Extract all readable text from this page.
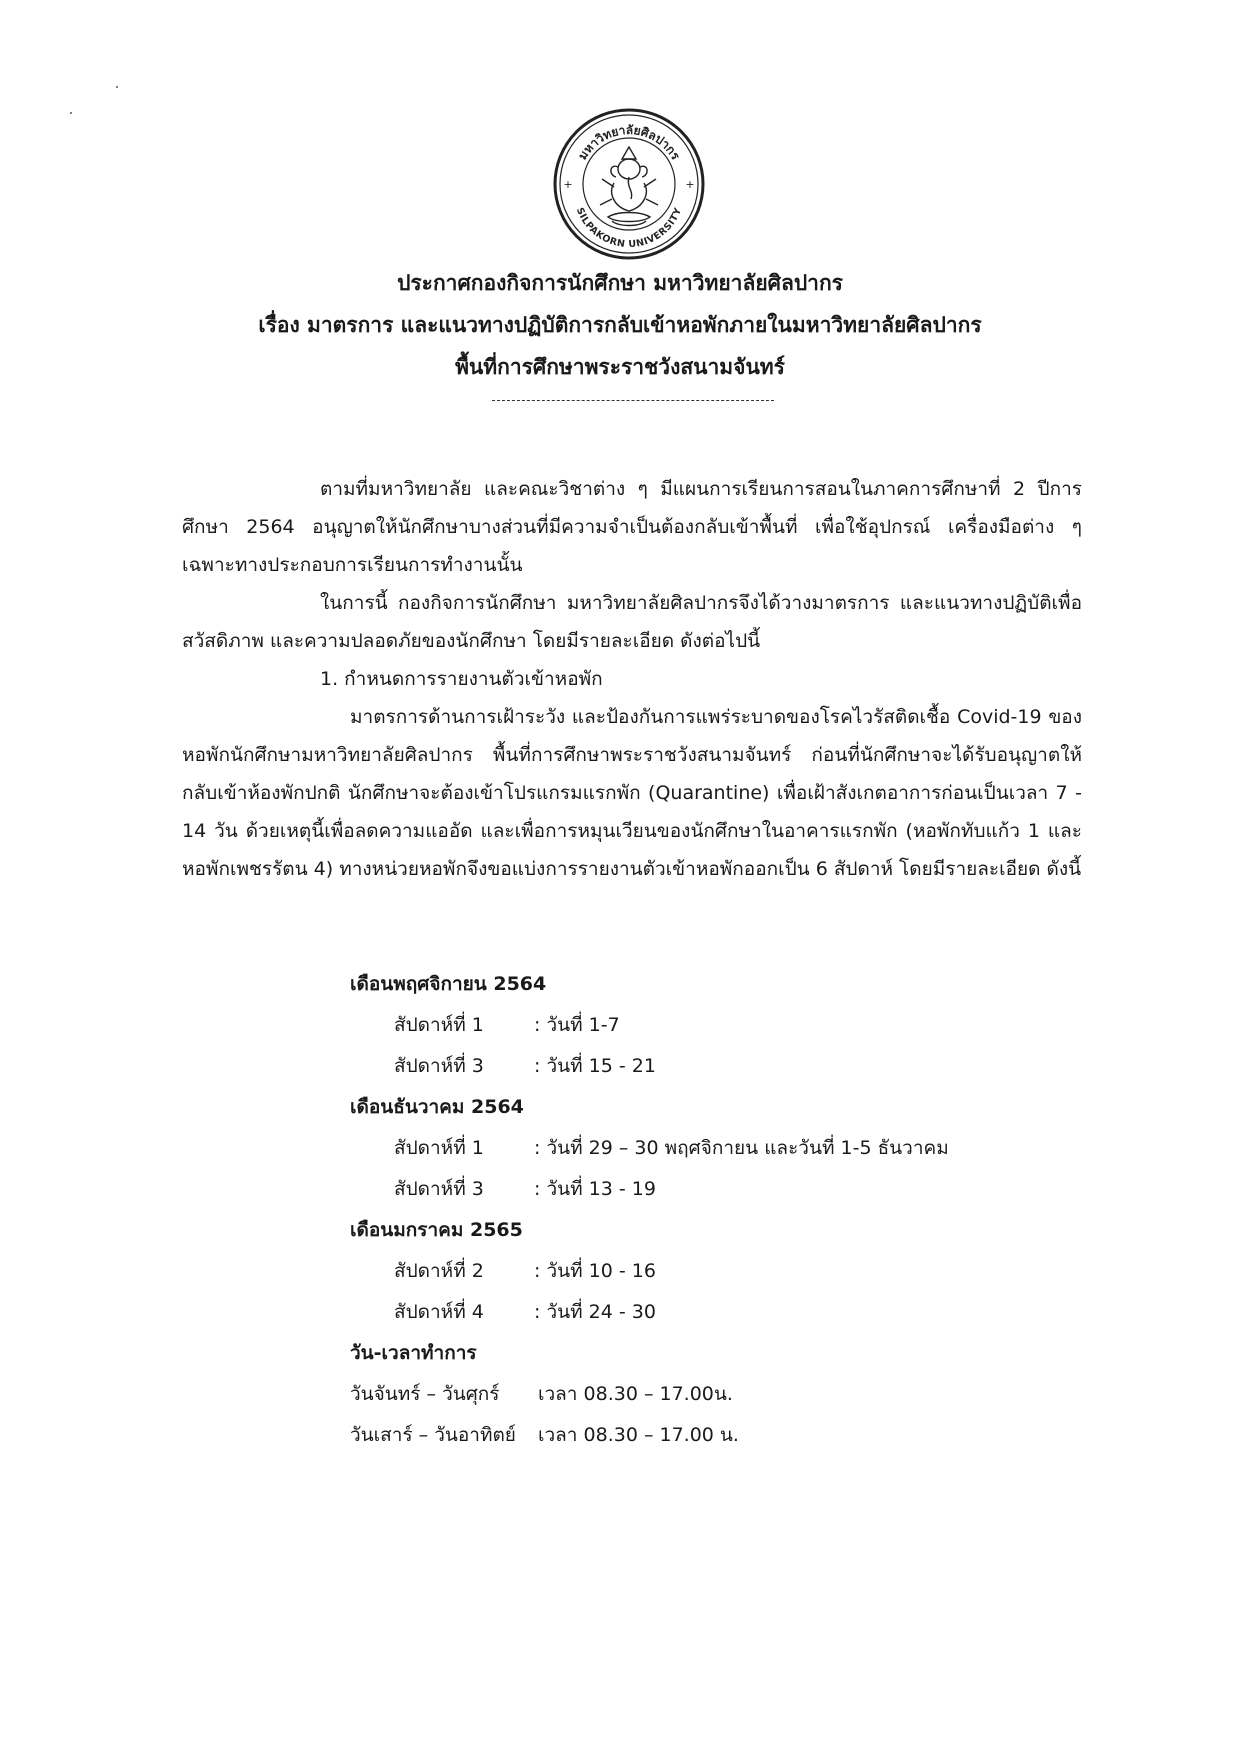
มหาวิทยาลัยศิลปากร
SILPAKORN UNIVERSITY
+	+
ประกาศกองกิจการนักศึกษา มหาวิทยาลัยศิลปากร
เรื่อง มาตรการ และแนวทางปฏิบัติการกลับเข้าหอพักภายในมหาวิทยาลัยศิลปากร
พื้นที่การศึกษาพระราชวังสนามจันทร์

ตามที่มหาวิทยาลัย และคณะวิชาต่าง ๆ มีแผนการเรียนการสอนในภาคการศึกษาที่ 2 ปีการศึกษา 2564 อนุญาตให้นักศึกษาบางส่วนที่มีความจำเป็นต้องกลับเข้าพื้นที่ เพื่อใช้อุปกรณ์ เครื่องมือต่าง ๆ เฉพาะทางประกอบการเรียนการทำงานนั้น

ในการนี้ กองกิจการนักศึกษา มหาวิทยาลัยศิลปากรจึงได้วางมาตรการ และแนวทางปฏิบัติเพื่อสวัสดิภาพ และความปลอดภัยของนักศึกษา โดยมีรายละเอียด ดังต่อไปนี้

1. กำหนดการรายงานตัวเข้าหอพัก

มาตรการด้านการเฝ้าระวัง และป้องกันการแพร่ระบาดของโรคไวรัสติดเชื้อ Covid-19 ของหอพักนักศึกษามหาวิทยาลัยศิลปากร พื้นที่การศึกษาพระราชวังสนามจันทร์ ก่อนที่นักศึกษาจะได้รับอนุญาตให้กลับเข้าห้องพักปกติ นักศึกษาจะต้องเข้าโปรแกรมแรกพัก (Quarantine) เพื่อเฝ้าสังเกตอาการก่อนเป็นเวลา 7 - 14 วัน ด้วยเหตุนี้เพื่อลดความแออัด และเพื่อการหมุนเวียนของนักศึกษาในอาคารแรกพัก (หอพักทับแก้ว 1 และหอพักเพชรรัตน 4) ทางหน่วยหอพักจึงขอแบ่งการรายงานตัวเข้าหอพักออกเป็น 6 สัปดาห์ โดยมีรายละเอียด ดังนี้

เดือนพฤศจิกายน 2564

สัปดาห์ที่ 1	: วันที่ 1-7
สัปดาห์ที่ 3	: วันที่ 15 - 21

เดือนธันวาคม 2564

สัปดาห์ที่ 1	: วันที่ 29 – 30 พฤศจิกายน และวันที่ 1-5 ธันวาคม
สัปดาห์ที่ 3	: วันที่ 13 - 19

เดือนมกราคม 2565

สัปดาห์ที่ 2	: วันที่ 10 - 16
สัปดาห์ที่ 4	: วันที่ 24 - 30

วัน-เวลาทำการ

วันจันทร์ – วันศุกร์	เวลา 08.30 – 17.00น.
วันเสาร์ – วันอาทิตย์	เวลา 08.30 – 17.00 น.
